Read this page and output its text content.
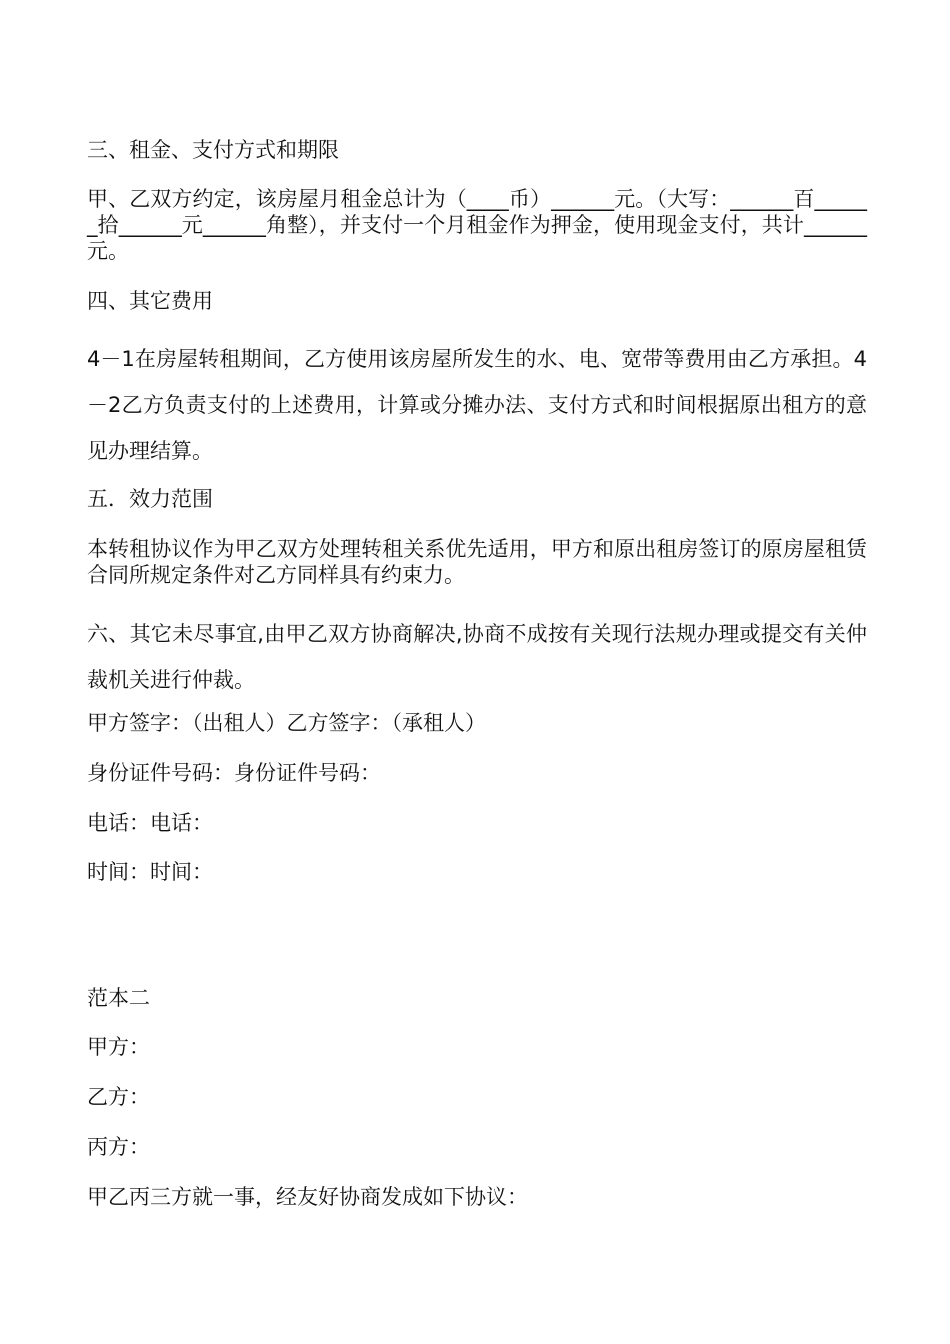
三、租金、支付方式和期限

甲、乙双方约定，该房屋月租金总计为（____币）______元。（大写：______百______拾______元______角整），并支付一个月租金作为押金，使用现金支付，共计______元。

四、其它费用

4－1在房屋转租期间，乙方使用该房屋所发生的水、电、宽带等费用由乙方承担。4－2乙方负责支付的上述费用，计算或分摊办法、支付方式和时间根据原出租方的意见办理结算。

五．效力范围

本转租协议作为甲乙双方处理转租关系优先适用，甲方和原出租房签订的原房屋租赁合同所规定条件对乙方同样具有约束力。

六、其它未尽事宜,由甲乙双方协商解决,协商不成按有关现行法规办理或提交有关仲裁机关进行仲裁。

甲方签字：（出租人）乙方签字：（承租人）

身份证件号码：身份证件号码：

电话：电话：

时间：时间：

范本二

甲方：

乙方：

丙方：

甲乙丙三方就一事，经友好协商发成如下协议：
